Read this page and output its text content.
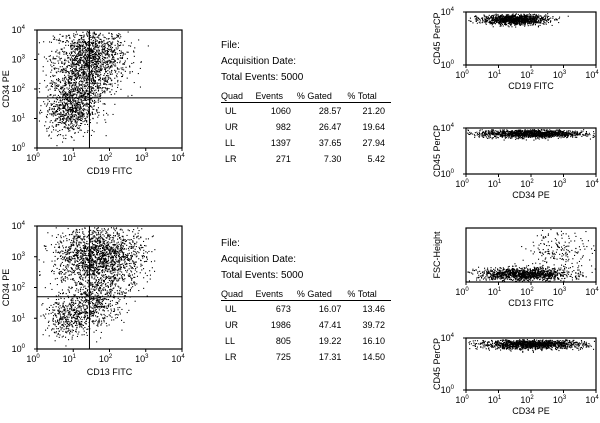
$10^0$	$10^1$	$10^2$	$10^3$	$10^4$
$10^0$
$10^1$
$10^2$
$10^3$
$10^4$
CD19 FITC
CD34 PE
File:
Acquisition Date:
Total Events: 5000
Quad	Events	% Gated	% Total
UL	1060	28.57	21.20
UR	982	26.47	19.64
LL	1397	37.65	27.94
LR	271	7.30	5.42
$10^0$	$10^1$	$10^2$	$10^3$	$10^4$
$10^0$
$10^1$
$10^2$
$10^3$
$10^4$
CD13 FITC
CD34 PE
File:
Acquisition Date:
Total Events: 5000
Quad	Events	% Gated	% Total
UL	673	16.07	13.46
UR	1986	47.41	39.72
LL	805	19.22	16.10
LR	725	17.31	14.50
$10^0$ $10^1$ $10^2$ $10^3$ $10^4$
$10^0$
$10^4$
CD19 FITC
CD45 PerCP
$10^0$ $10^1$ $10^2$ $10^3$ $10^4$
$10^0$
$10^4$
CD34 PE
CD45 PerCP
$10^0$ $10^1$ $10^2$ $10^3$ $10^4$
CD13 FITC
FSC-Height
$10^0$ $10^1$ $10^2$ $10^3$ $10^4$
$10^0$
$10^4$
CD34 PE
CD45 PerCP
